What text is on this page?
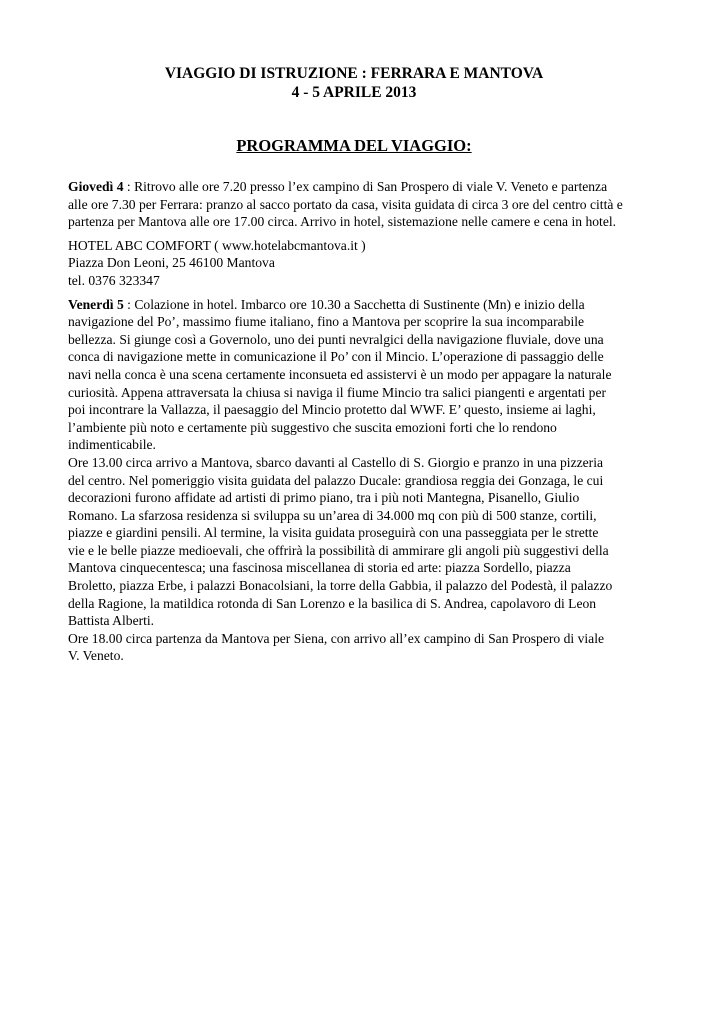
VIAGGIO DI ISTRUZIONE : FERRARA E MANTOVA

4 - 5 APRILE 2013

PROGRAMMA DEL VIAGGIO:

Giovedì 4 : Ritrovo alle ore 7.20 presso l’ex campino di San Prospero di viale V. Veneto e partenza
alle ore 7.30 per Ferrara: pranzo al sacco portato da casa, visita guidata di circa 3 ore del centro città e
partenza per Mantova alle ore 17.00 circa. Arrivo in hotel, sistemazione nelle camere e cena in hotel.

HOTEL ABC COMFORT ( www.hotelabcmantova.it )
Piazza Don Leoni, 25 46100 Mantova
tel. 0376 323347

Venerdì 5 : Colazione in hotel. Imbarco ore 10.30 a Sacchetta di Sustinente (Mn) e inizio della
navigazione del Po’, massimo fiume italiano, fino a Mantova per scoprire la sua incomparabile
bellezza. Si giunge così a Governolo, uno dei punti nevralgici della navigazione fluviale, dove una
conca di navigazione mette in comunicazione il Po’ con il Mincio. L’operazione di passaggio delle
navi nella conca è una scena certamente inconsueta ed assistervi è un modo per appagare la naturale
curiosità. Appena attraversata la chiusa si naviga il fiume Mincio tra salici piangenti e argentati per
poi incontrare la Vallazza, il paesaggio del Mincio protetto dal WWF. E’ questo, insieme ai laghi,
l’ambiente più noto e certamente più suggestivo che suscita emozioni forti che lo rendono
indimenticabile.

Ore 13.00 circa arrivo a Mantova, sbarco davanti al Castello di S. Giorgio e pranzo in una pizzeria
del centro. Nel pomeriggio visita guidata del palazzo Ducale: grandiosa reggia dei Gonzaga, le cui
decorazioni furono affidate ad artisti di primo piano, tra i più noti Mantegna, Pisanello, Giulio
Romano. La sfarzosa residenza si sviluppa su un’area di 34.000 mq con più di 500 stanze, cortili,
piazze e giardini pensili. Al termine, la visita guidata proseguirà con una passeggiata per le strette
vie e le belle piazze medioevali, che offrirà la possibilità di ammirare gli angoli più suggestivi della
Mantova cinquecentesca; una fascinosa miscellanea di storia ed arte: piazza Sordello, piazza
Broletto, piazza Erbe, i palazzi Bonacolsiani, la torre della Gabbia, il palazzo del Podestà, il palazzo
della Ragione, la matildica rotonda di San Lorenzo e la basilica di S. Andrea, capolavoro di Leon
Battista Alberti.

Ore 18.00 circa partenza da Mantova per Siena, con arrivo all’ex campino di San Prospero di viale
V. Veneto.
